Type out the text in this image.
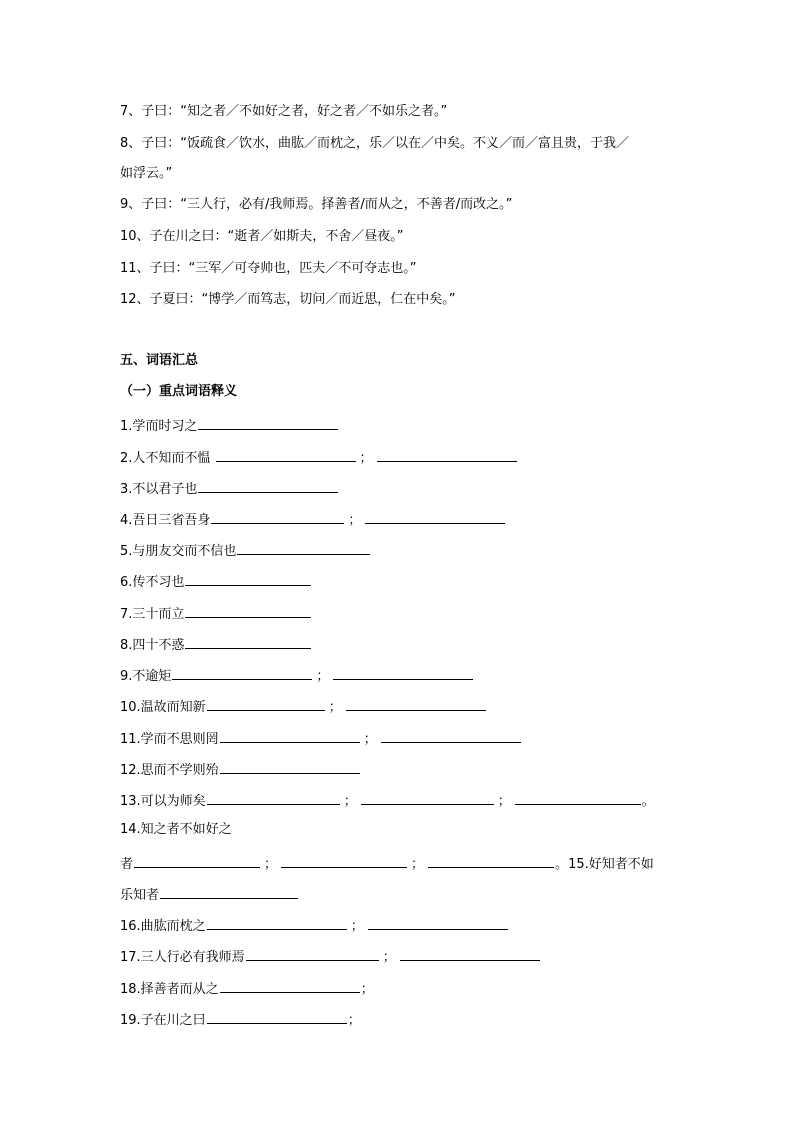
7、子曰：“知之者／不如好之者，好之者／不如乐之者。”
8、子曰：“饭疏食／饮水，曲肱／而枕之，乐／以在／中矣。不义／而／富且贵，于我／
如浮云。”
9、子曰：“三人行，必有/我师焉。择善者/而从之，不善者/而改之。”
10、子在川之曰：“逝者／如斯夫，不舍／昼夜。”
11、子曰：“三军／可夺帅也，匹夫／不可夺志也。”
12、子夏曰：“博学／而笃志，切问／而近思，仁在中矣。”
五、词语汇总
（一）重点词语释义
1.学而时习之
2.人不知而不愠	；
3.不以君子也
4.吾日三省吾身	；
5.与朋友交而不信也
6.传不习也
7.三十而立
8.四十不惑
9.不逾矩	；
10.温故而知新	；
11.学而不思则罔	；
12.思而不学则殆
13.可以为师矣	；	；	。
14.知之者不如好之
者	；	；	。15.好知者不如
乐知者
16.曲肱而枕之	；
17.三人行必有我师焉	；
18.择善者而从之	；
19.子在川之曰	；
